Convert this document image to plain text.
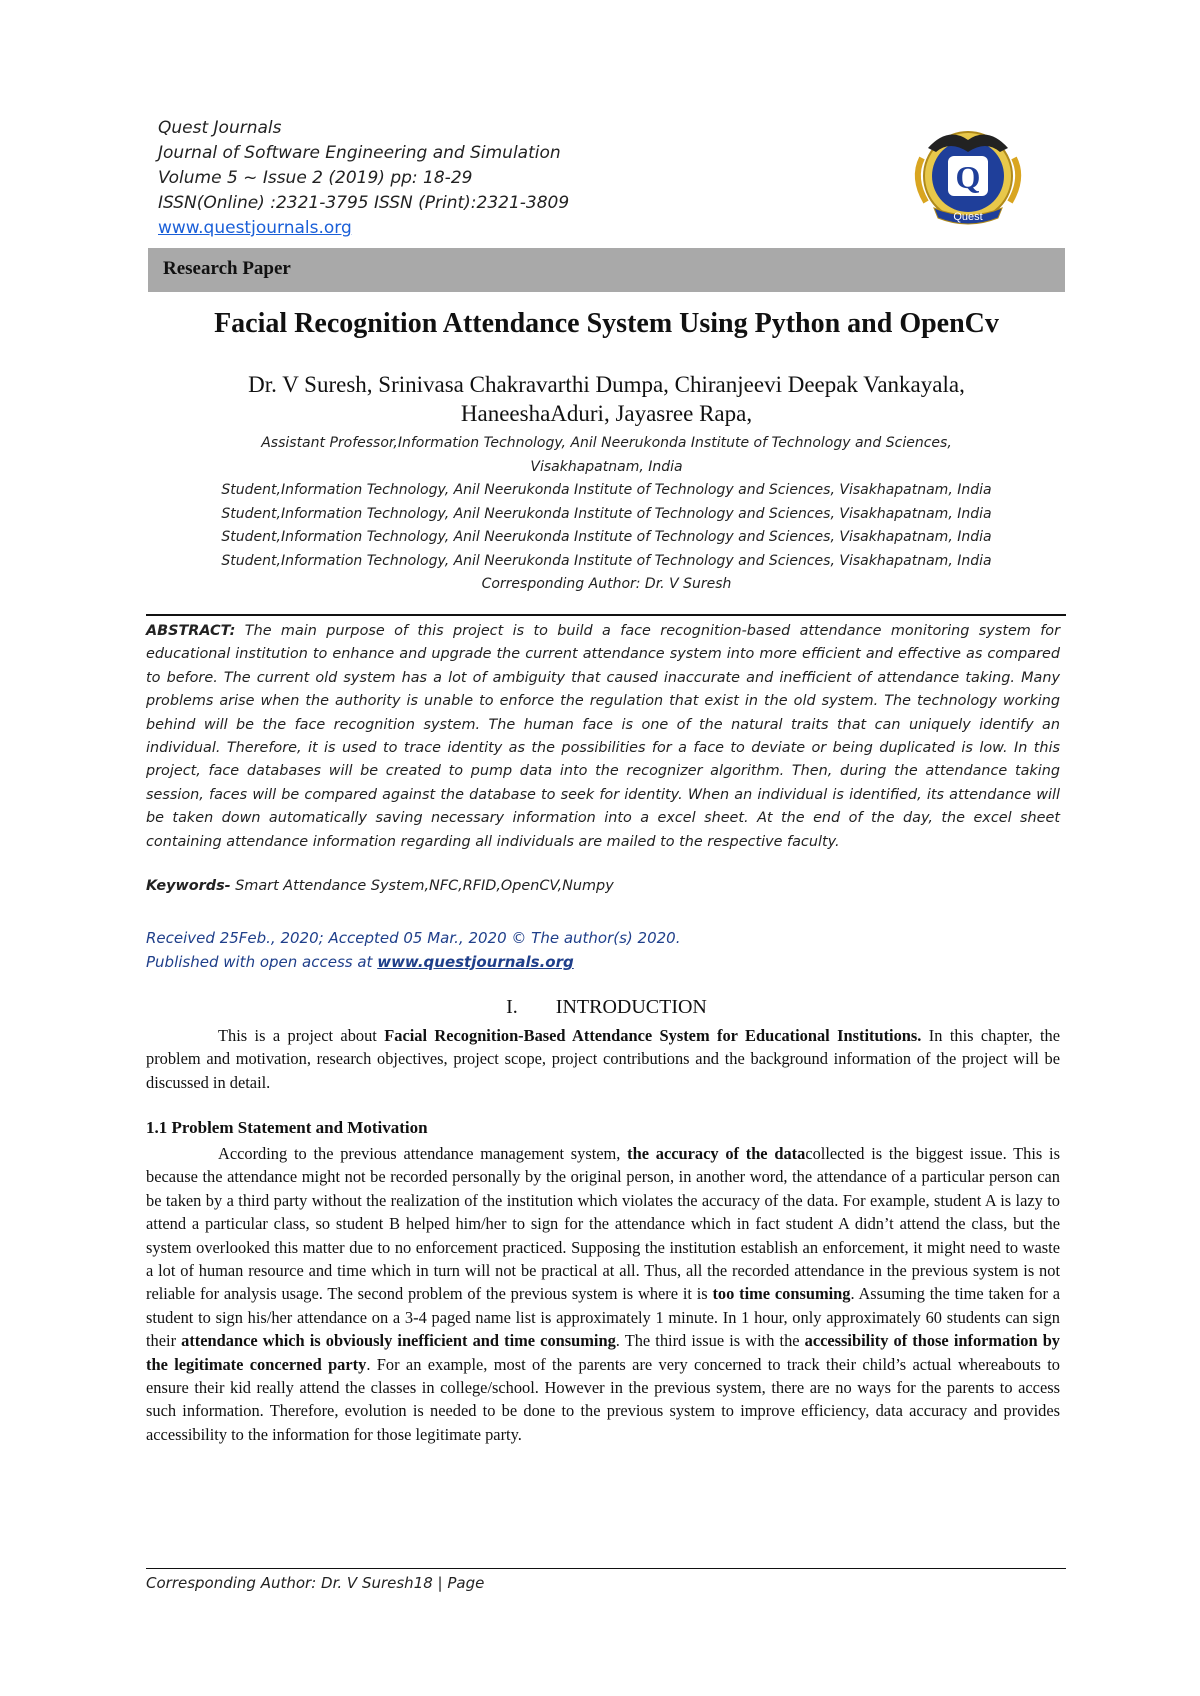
Quest Journals
Journal of Software Engineering and Simulation
Volume 5 ~ Issue 2 (2019) pp: 18-29
ISSN(Online) :2321-3795 ISSN (Print):2321-3809
www.questjournals.org
Q
Quest
Research Paper
Facial Recognition Attendance System Using Python and OpenCv
Dr. V Suresh, Srinivasa Chakravarthi Dumpa, Chiranjeevi Deepak Vankayala,
HaneeshaAduri, Jayasree Rapa,
Assistant Professor,Information Technology, Anil Neerukonda Institute of Technology and Sciences,
Visakhapatnam, India
Student,Information Technology, Anil Neerukonda Institute of Technology and Sciences, Visakhapatnam, India
Student,Information Technology, Anil Neerukonda Institute of Technology and Sciences, Visakhapatnam, India
Student,Information Technology, Anil Neerukonda Institute of Technology and Sciences, Visakhapatnam, India
Student,Information Technology, Anil Neerukonda Institute of Technology and Sciences, Visakhapatnam, India
Corresponding Author: Dr. V Suresh
ABSTRACT: The main purpose of this project is to build a face recognition-based attendance monitoring system for educational institution to enhance and upgrade the current attendance system into more efficient and effective as compared to before. The current old system has a lot of ambiguity that caused inaccurate and inefficient of attendance taking. Many problems arise when the authority is unable to enforce the regulation that exist in the old system. The technology working behind will be the face recognition system. The human face is one of the natural traits that can uniquely identify an individual. Therefore, it is used to trace identity as the possibilities for a face to deviate or being duplicated is low. In this project, face databases will be created to pump data into the recognizer algorithm. Then, during the attendance taking session, faces will be compared against the database to seek for identity. When an individual is identified, its attendance will be taken down automatically saving necessary information into a excel sheet. At the end of the day, the excel sheet containing attendance information regarding all individuals are mailed to the respective faculty.
Keywords- Smart Attendance System,NFC,RFID,OpenCV,Numpy
Received 25Feb., 2020; Accepted 05 Mar., 2020 © The author(s) 2020.
Published with open access at www.questjournals.org
I. INTRODUCTION
This is a project about Facial Recognition-Based Attendance System for Educational Institutions. In this chapter, the problem and motivation, research objectives, project scope, project contributions and the background information of the project will be discussed in detail.
1.1 Problem Statement and Motivation
According to the previous attendance management system, the accuracy of the datacollected is the biggest issue. This is because the attendance might not be recorded personally by the original person, in another word, the attendance of a particular person can be taken by a third party without the realization of the institution which violates the accuracy of the data. For example, student A is lazy to attend a particular class, so student B helped him/her to sign for the attendance which in fact student A didn’t attend the class, but the system overlooked this matter due to no enforcement practiced. Supposing the institution establish an enforcement, it might need to waste a lot of human resource and time which in turn will not be practical at all. Thus, all the recorded attendance in the previous system is not reliable for analysis usage. The second problem of the previous system is where it is too time consuming. Assuming the time taken for a student to sign his/her attendance on a 3-4 paged name list is approximately 1 minute. In 1 hour, only approximately 60 students can sign their attendance which is obviously inefficient and time consuming. The third issue is with the accessibility of those information by the legitimate concerned party. For an example, most of the parents are very concerned to track their child’s actual whereabouts to ensure their kid really attend the classes in college/school. However in the previous system, there are no ways for the parents to access such information. Therefore, evolution is needed to be done to the previous system to improve efficiency, data accuracy and provides accessibility to the information for those legitimate party.
Corresponding Author: Dr. V Suresh18 | Page
